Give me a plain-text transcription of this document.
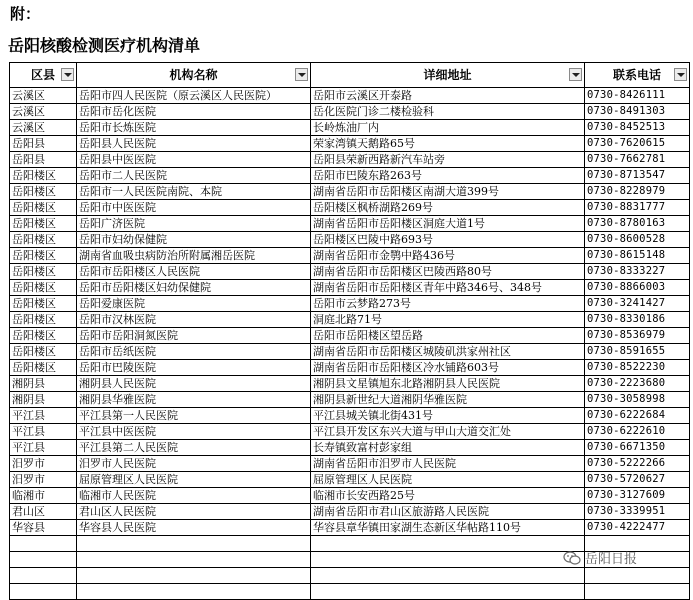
附：
岳阳核酸检测医疗机构清单
区县	机构名称	详细地址	联系电话

云溪区	岳阳市四人民医院（原云溪区人民医院）	岳阳市云溪区开泰路	0730-8426111
云溪区	岳阳市岳化医院	岳化医院门诊二楼检验科	0730-8491303
云溪区	岳阳市长炼医院	长岭炼油厂内	0730-8452513
岳阳县	岳阳县人民医院	荣家湾镇天鹅路65号	0730-7620615
岳阳县	岳阳县中医医院	岳阳县荣新西路新汽车站旁	0730-7662781
岳阳楼区	岳阳市二人民医院	岳阳市巴陵东路263号	0730-8713547
岳阳楼区	岳阳市一人民医院南院、本院	湖南省岳阳市岳阳楼区南湖大道399号	0730-8228979
岳阳楼区	岳阳市中医医院	岳阳楼区枫桥湖路269号	0730-8831777
岳阳楼区	岳阳广济医院	湖南省岳阳市岳阳楼区洞庭大道1号	0730-8780163
岳阳楼区	岳阳市妇幼保健院	岳阳楼区巴陵中路693号	0730-8600528
岳阳楼区	湖南省血吸虫病防治所附属湘岳医院	湖南省岳阳市金鹗中路436号	0730-8615148
岳阳楼区	岳阳市岳阳楼区人民医院	湖南省岳阳市岳阳楼区巴陵西路80号	0730-8333227
岳阳楼区	岳阳市岳阳楼区妇幼保健院	湖南省岳阳市岳阳楼区青年中路346号、348号	0730-8866003
岳阳楼区	岳阳爱康医院	岳阳市云梦路273号	0730-3241427
岳阳楼区	岳阳市汉林医院	洞庭北路71号	0730-8330186
岳阳楼区	岳阳市岳阳洞氮医院	岳阳市岳阳楼区望岳路	0730-8536979
岳阳楼区	岳阳市岳纸医院	湖南省岳阳市岳阳楼区城陵矶洪家州社区	0730-8591655
岳阳楼区	岳阳市巴陵医院	湖南省岳阳市岳阳楼区冷水铺路603号	0730-8522230
湘阴县	湘阴县人民医院	湘阴县文星镇旭东北路湘阴县人民医院	0730-2223680
湘阴县	湘阴县华雅医院	湘阴县新世纪大道湘阴华雅医院	0730-3058998
平江县	平江县第一人民医院	平江县城关镇北街431号	0730-6222684
平江县	平江县中医医院	平江县开发区东兴大道与甲山大道交汇处	0730-6222610
平江县	平江县第二人民医院	长寿镇致富村彭家组	0730-6671350
汨罗市	汨罗市人民医院	湖南省岳阳市汨罗市人民医院	0730-5222266
汨罗市	屈原管理区人民医院	屈原管理区人民医院	0730-5720627
临湘市	临湘市人民医院	临湘市长安西路25号	0730-3127609
君山区	君山区人民医院	湖南省岳阳市君山区旅游路人民医院	0730-3339951
华容县	华容县人民医院	华容县章华镇田家湖生态新区华帖路110号	0730-4222477

岳阳日报
